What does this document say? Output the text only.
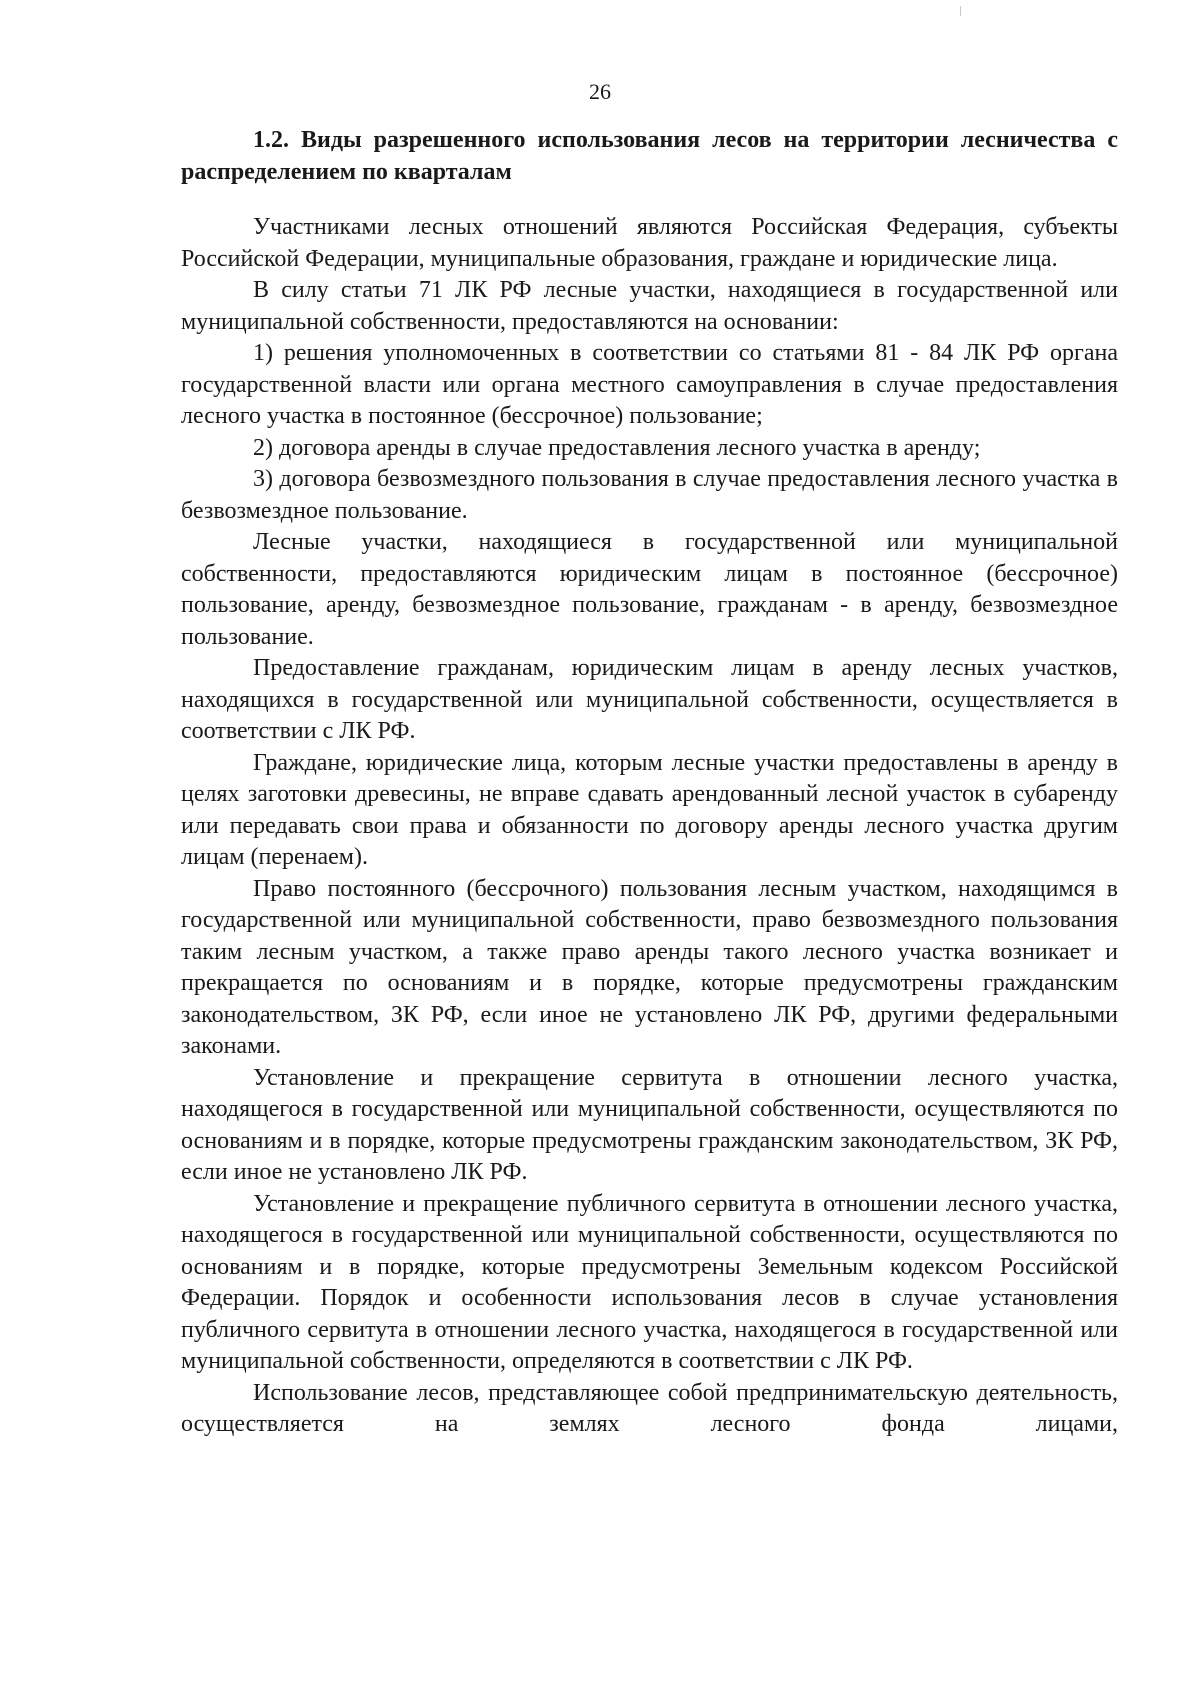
26
1.2. Виды разрешенного использования лесов на территории лесничества с распределением по кварталам

Участниками лесных отношений являются Российская Федерация, субъекты Российской Федерации, муниципальные образования, граждане и юридические лица.

В силу статьи 71 ЛК РФ лесные участки, находящиеся в государственной или муниципальной собственности, предоставляются на основании:

1) решения уполномоченных в соответствии со статьями 81 - 84 ЛК РФ органа государственной власти или органа местного самоуправления в случае предоставления лесного участка в постоянное (бессрочное) пользование;

2) договора аренды в случае предоставления лесного участка в аренду;

3) договора безвозмездного пользования в случае предоставления лесного участка в безвозмездное пользование.

Лесные участки, находящиеся в государственной или муниципальной собственности, предоставляются юридическим лицам в постоянное (бессрочное) пользование, аренду, безвозмездное пользование, гражданам - в аренду, безвозмездное пользование.

Предоставление гражданам, юридическим лицам в аренду лесных участков, находящихся в государственной или муниципальной собственности, осуществляется в соответствии с ЛК РФ.

Граждане, юридические лица, которым лесные участки предоставлены в аренду в целях заготовки древесины, не вправе сдавать арендованный лесной участок в субаренду или передавать свои права и обязанности по договору аренды лесного участка другим лицам (перенаем).

Право постоянного (бессрочного) пользования лесным участком, находящимся в государственной или муниципальной собственности, право безвозмездного пользования таким лесным участком, а также право аренды такого лесного участка возникает и прекращается по основаниям и в порядке, которые предусмотрены гражданским законодательством, ЗК РФ, если иное не установлено ЛК РФ, другими федеральными законами.

Установление и прекращение сервитута в отношении лесного участка, находящегося в государственной или муниципальной собственности, осуществляются по основаниям и в порядке, которые предусмотрены гражданским законодательством, ЗК РФ, если иное не установлено ЛК РФ.

Установление и прекращение публичного сервитута в отношении лесного участка, находящегося в государственной или муниципальной собственности, осуществляются по основаниям и в порядке, которые предусмотрены Земельным кодексом Российской Федерации. Порядок и особенности использования лесов в случае установления публичного сервитута в отношении лесного участка, находящегося в государственной или муниципальной собственности, определяются в соответствии с ЛК РФ.

Использование лесов, представляющее собой предпринимательскую деятельность, осуществляется на землях лесного фонда лицами,
